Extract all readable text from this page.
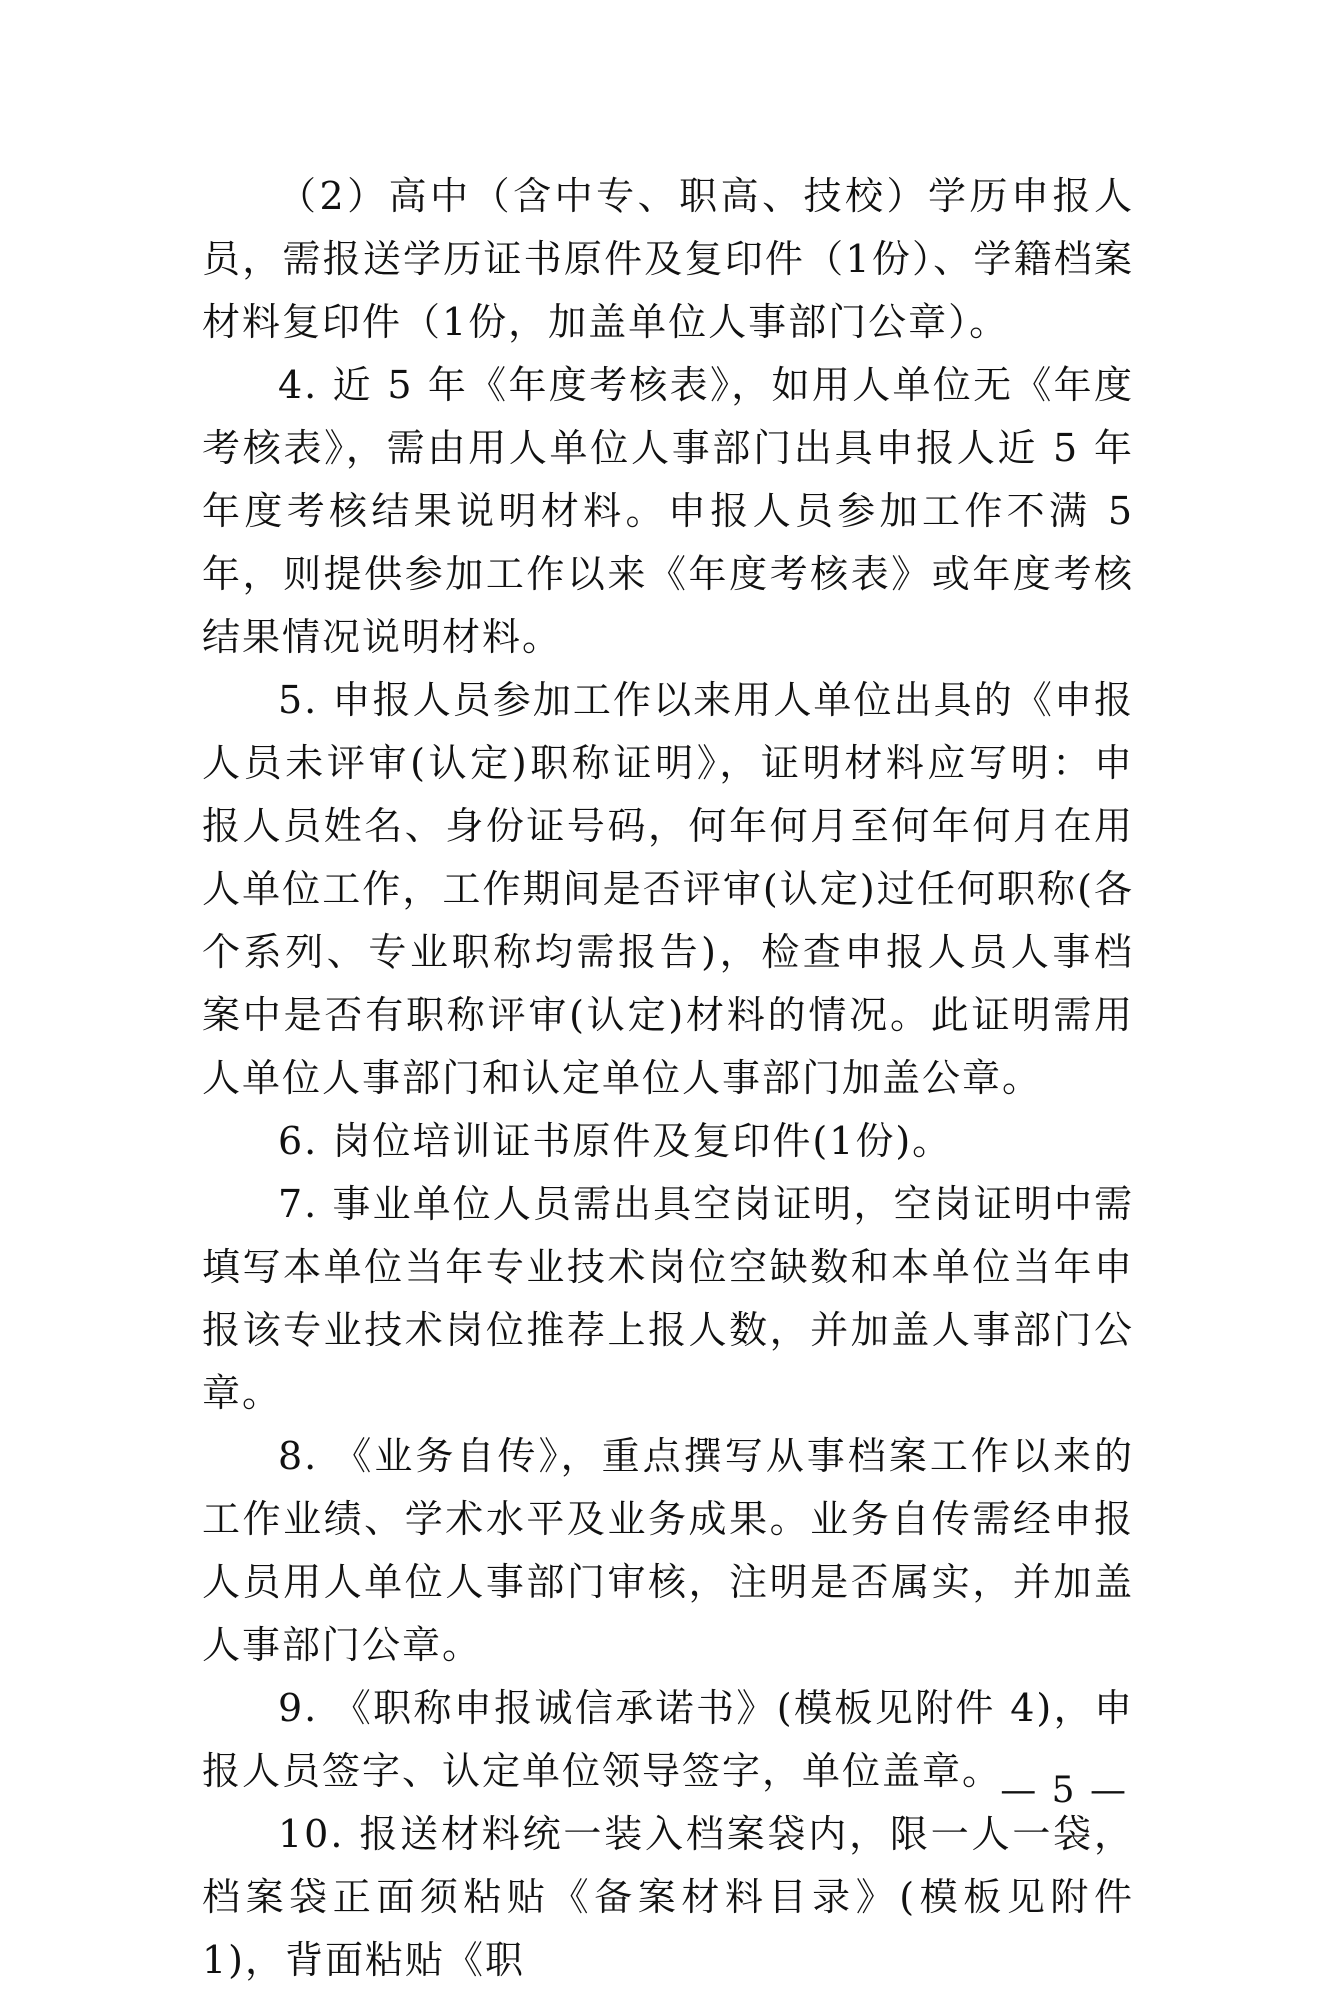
（2）高中（含中专、职高、技校）学历申报人员，需报送学历证书原件及复印件（1份）、学籍档案材料复印件（1份，加盖单位人事部门公章）。

4. 近 5 年《年度考核表》，如用人单位无《年度考核表》，需由用人单位人事部门出具申报人近 5 年年度考核结果说明材料。申报人员参加工作不满 5 年，则提供参加工作以来《年度考核表》或年度考核结果情况说明材料。

5. 申报人员参加工作以来用人单位出具的《申报人员未评审(认定)职称证明》，证明材料应写明：申报人员姓名、身份证号码，何年何月至何年何月在用人单位工作，工作期间是否评审(认定)过任何职称(各个系列、专业职称均需报告)，检查申报人员人事档案中是否有职称评审(认定)材料的情况。此证明需用人单位人事部门和认定单位人事部门加盖公章。

6. 岗位培训证书原件及复印件(1份)。

7. 事业单位人员需出具空岗证明，空岗证明中需填写本单位当年专业技术岗位空缺数和本单位当年申报该专业技术岗位推荐上报人数，并加盖人事部门公章。

8. 《业务自传》，重点撰写从事档案工作以来的工作业绩、学术水平及业务成果。业务自传需经申报人员用人单位人事部门审核，注明是否属实，并加盖人事部门公章。

9. 《职称申报诚信承诺书》(模板见附件 4)，申报人员签字、认定单位领导签字，单位盖章。

10. 报送材料统一装入档案袋内，限一人一袋，档案袋正面须粘贴《备案材料目录》(模板见附件 1)，背面粘贴《职

— 5 —
